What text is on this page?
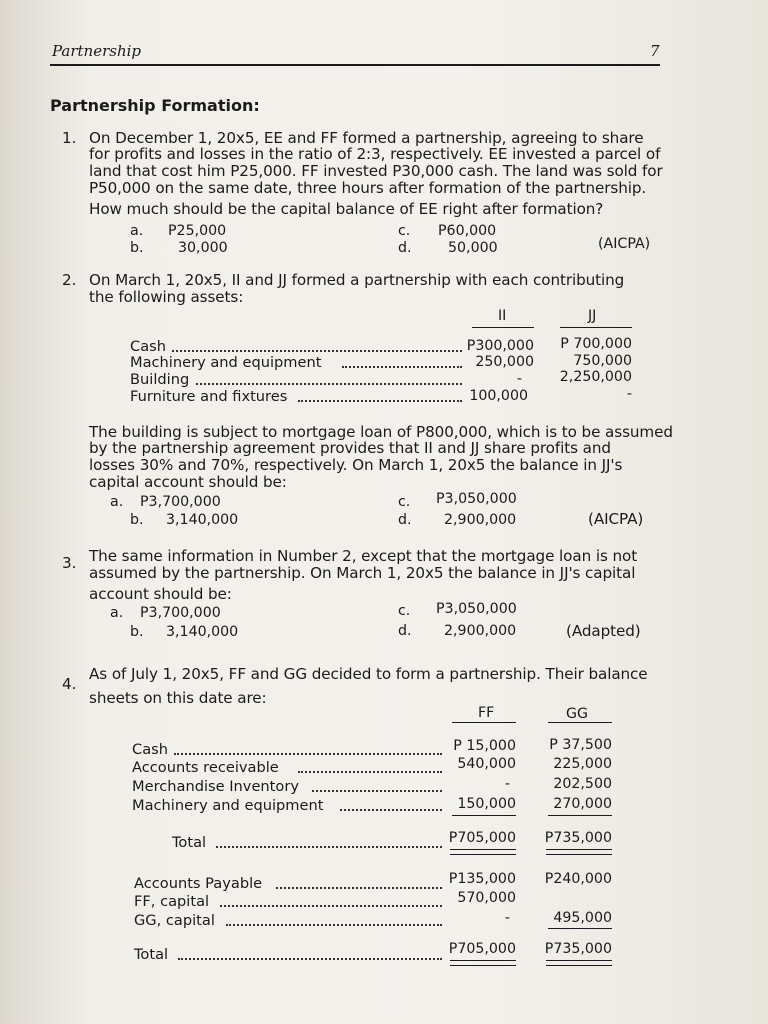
Partnership	7
Partnership Formation:
1. On December 1, 20x5, EE and FF formed a partnership, agreeing to share
for profits and losses in the ratio of 2:3, respectively. EE invested a parcel of
land that cost him P25,000. FF invested P30,000 cash. The land was sold for
P50,000 on the same date, three hours after formation of the partnership.
How much should be the capital balance of EE right after formation?
a. P25,000
b. 30,000
c. P60,000
d.	50,000	(AICPA)
2. On March 1, 20x5, II and JJ formed a partnership with each contributing
the following assets:
II	JJ
Cash	P300,000	P 700,000
Machinery and equipment	250,000	750,000
Building	-	2,250,000
Furniture and fixtures	100,000	-
The building is subject to mortgage loan of P800,000, which is to be assumed
by the partnership agreement provides that II and JJ share profits and
losses 30% and 70%, respectively. On March 1, 20x5 the balance in JJ's
capital account should be:
a. P3,700,000
b. 3,140,000
c. P3,050,000
d. 2,900,000	(AICPA)
3. The same information in Number 2, except that the mortgage loan is not
assumed by the partnership. On March 1, 20x5 the balance in JJ's capital
account should be:
a. P3,700,000
b. 3,140,000
c. P3,050,000
d. 2,900,000	(Adapted)
4.
As of July 1, 20x5, FF and GG decided to form a partnership. Their balance
sheets on this date are:
FF	GG
Cash	P 15,000	P 37,500
Accounts receivable	540,000	225,000
Merchandise Inventory	-	202,500
Machinery and equipment	150,000	270,000
Total	P705,000	P735,000
Accounts Payable	P135,000	P240,000
FF, capital	570,000
GG, capital	-	495,000
Total	P705,000	P735,000
